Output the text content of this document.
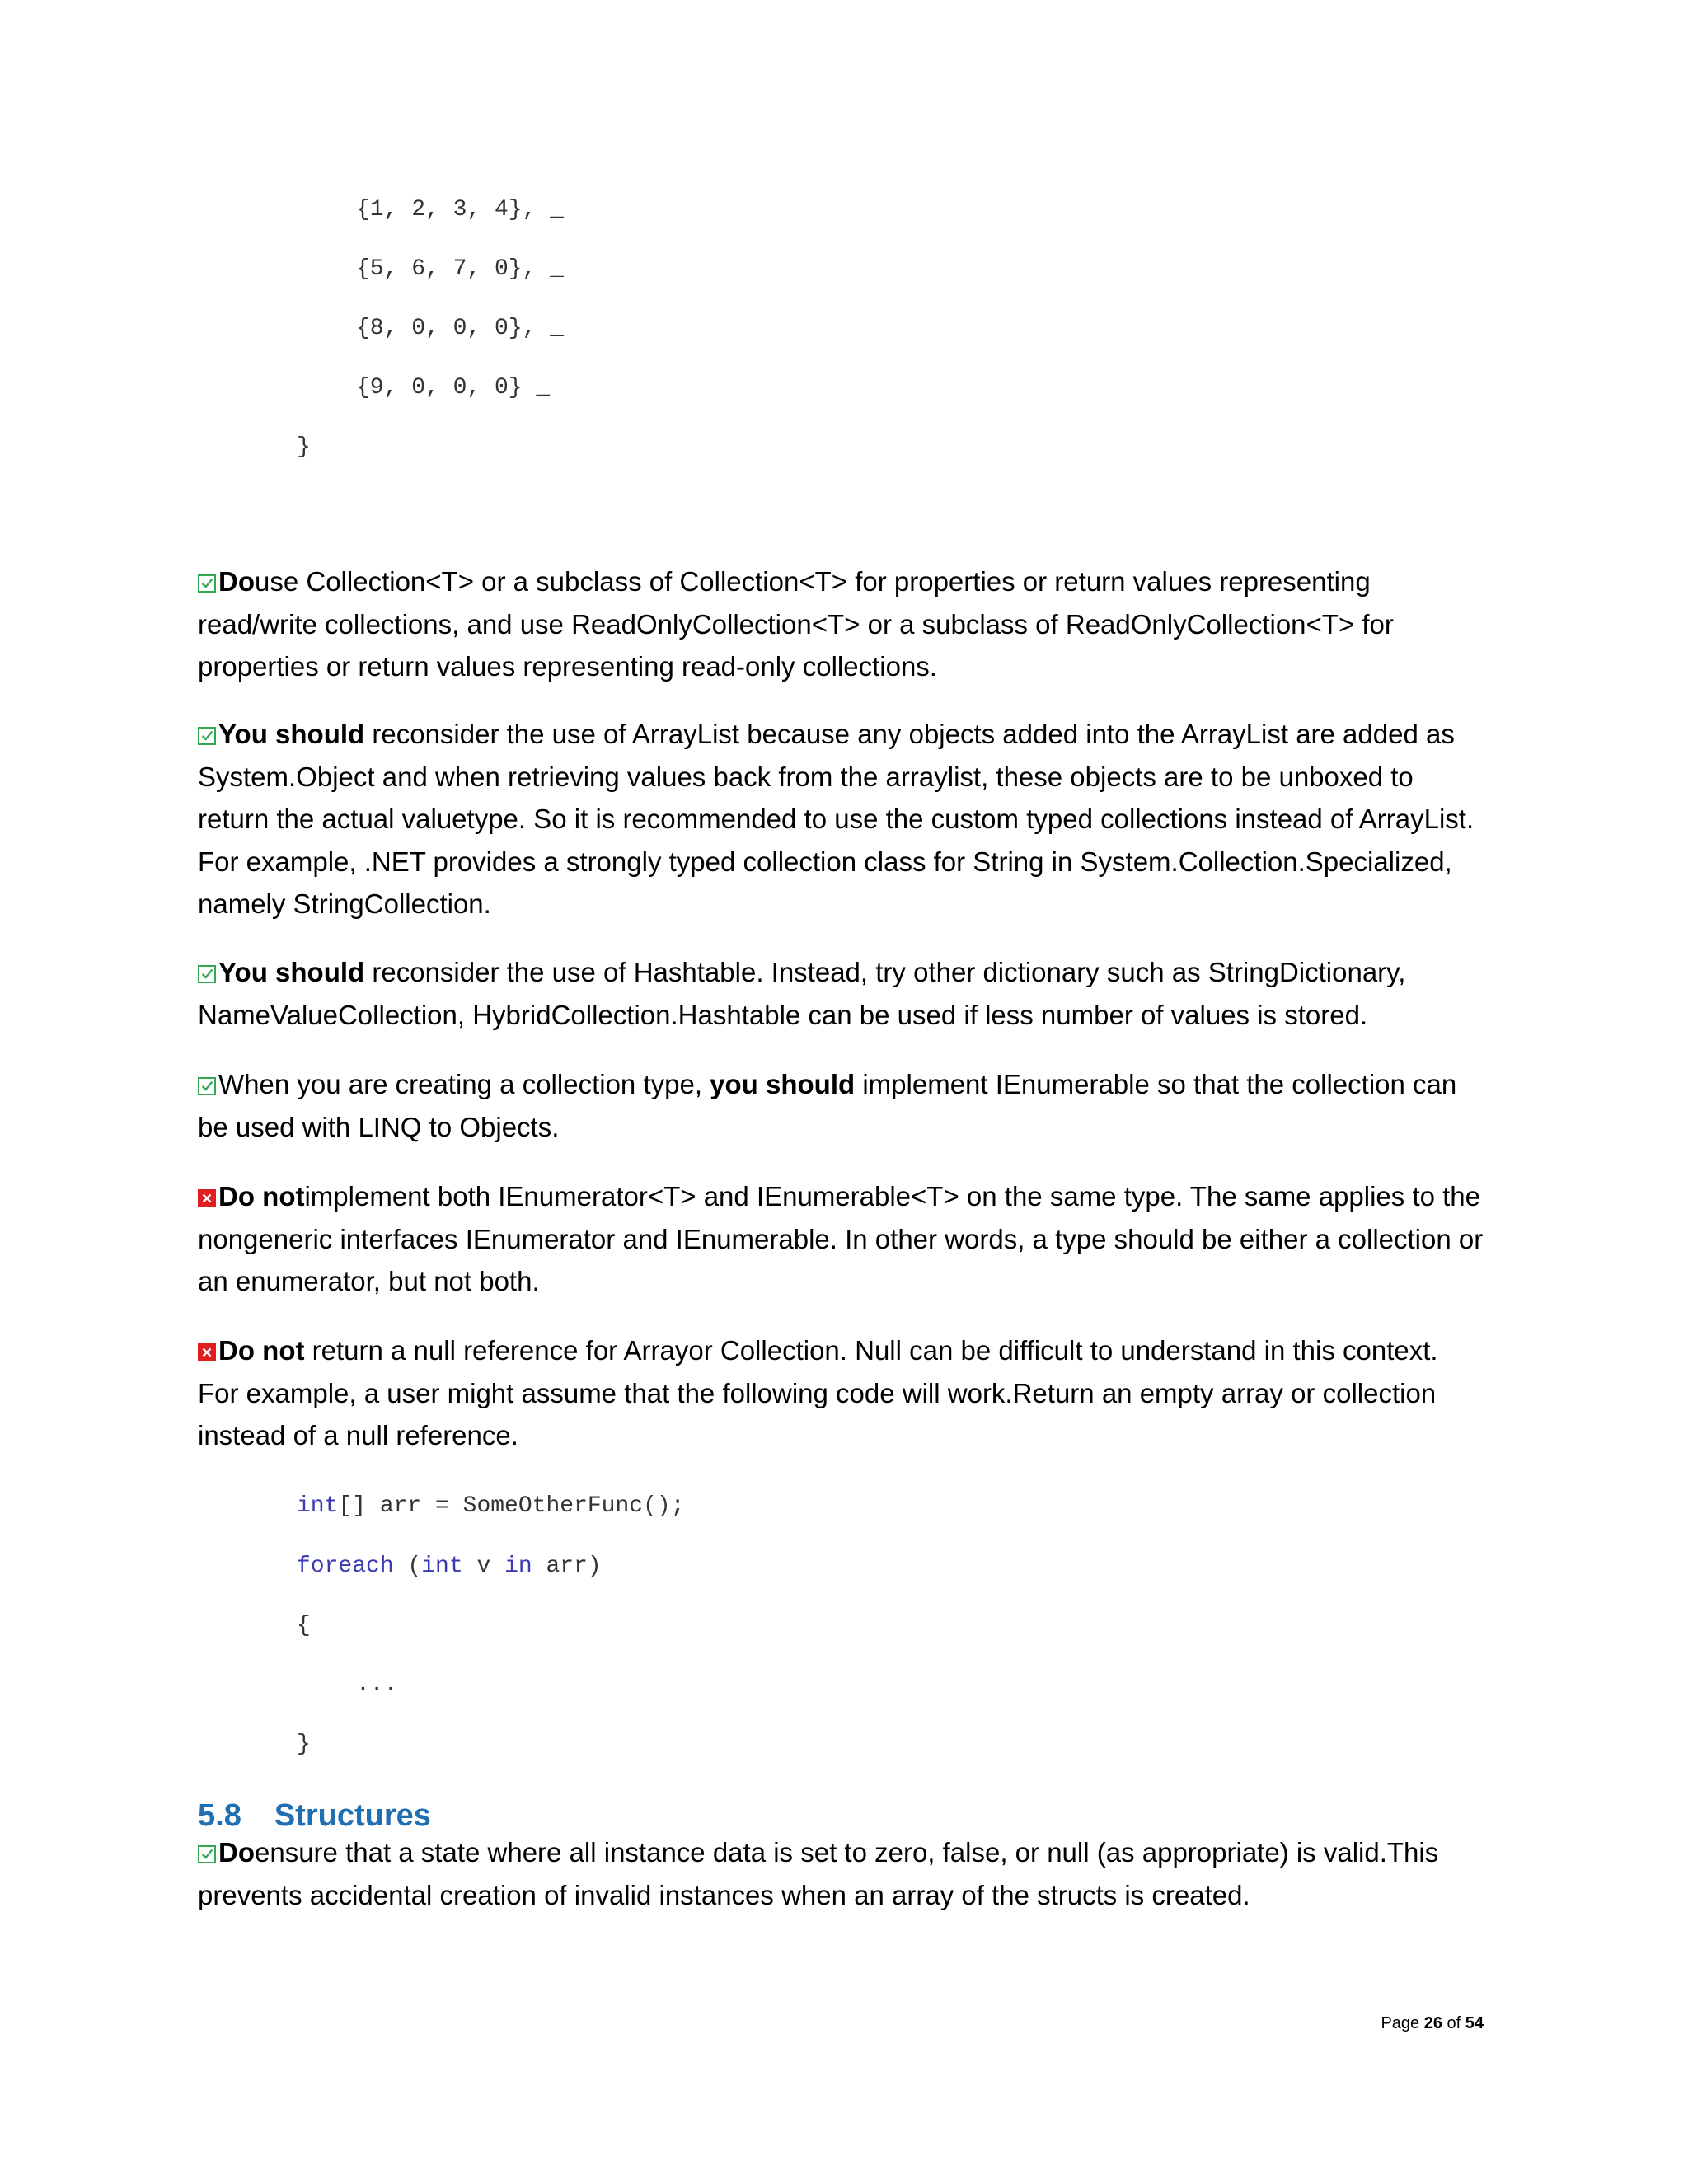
{1, 2, 3, 4}, _
{5, 6, 7, 0}, _
{8, 0, 0, 0}, _
{9, 0, 0, 0} _
}
Douse Collection<T> or a subclass of Collection<T> for properties or return values representing read/write collections, and use ReadOnlyCollection<T> or a subclass of ReadOnlyCollection<T> for properties or return values representing read-only collections.
You should reconsider the use of ArrayList because any objects added into the ArrayList are added as System.Object and when retrieving values back from the arraylist, these objects are to be unboxed to return the actual valuetype. So it is recommended to use the custom typed collections instead of ArrayList. For example, .NET provides a strongly typed collection class for String in System.Collection.Specialized, namely StringCollection.
You should reconsider the use of Hashtable. Instead, try other dictionary such as StringDictionary, NameValueCollection, HybridCollection.Hashtable can be used if less number of values is stored.
When you are creating a collection type, you should implement IEnumerable so that the collection can be used with LINQ to Objects.
Do notimplement both IEnumerator<T> and IEnumerable<T> on the same type. The same applies to the nongeneric interfaces IEnumerator and IEnumerable. In other words, a type should be either a collection or an enumerator, but not both.
Do not return a null reference for Arrayor Collection. Null can be difficult to understand in this context. For example, a user might assume that the following code will work.Return an empty array or collection instead of a null reference.
int[] arr = SomeOtherFunc();
foreach (int v in arr)
{
...
}
5.8 Structures
Doensure that a state where all instance data is set to zero, false, or null (as appropriate) is valid.This prevents accidental creation of invalid instances when an array of the structs is created.
Page 26 of 54
